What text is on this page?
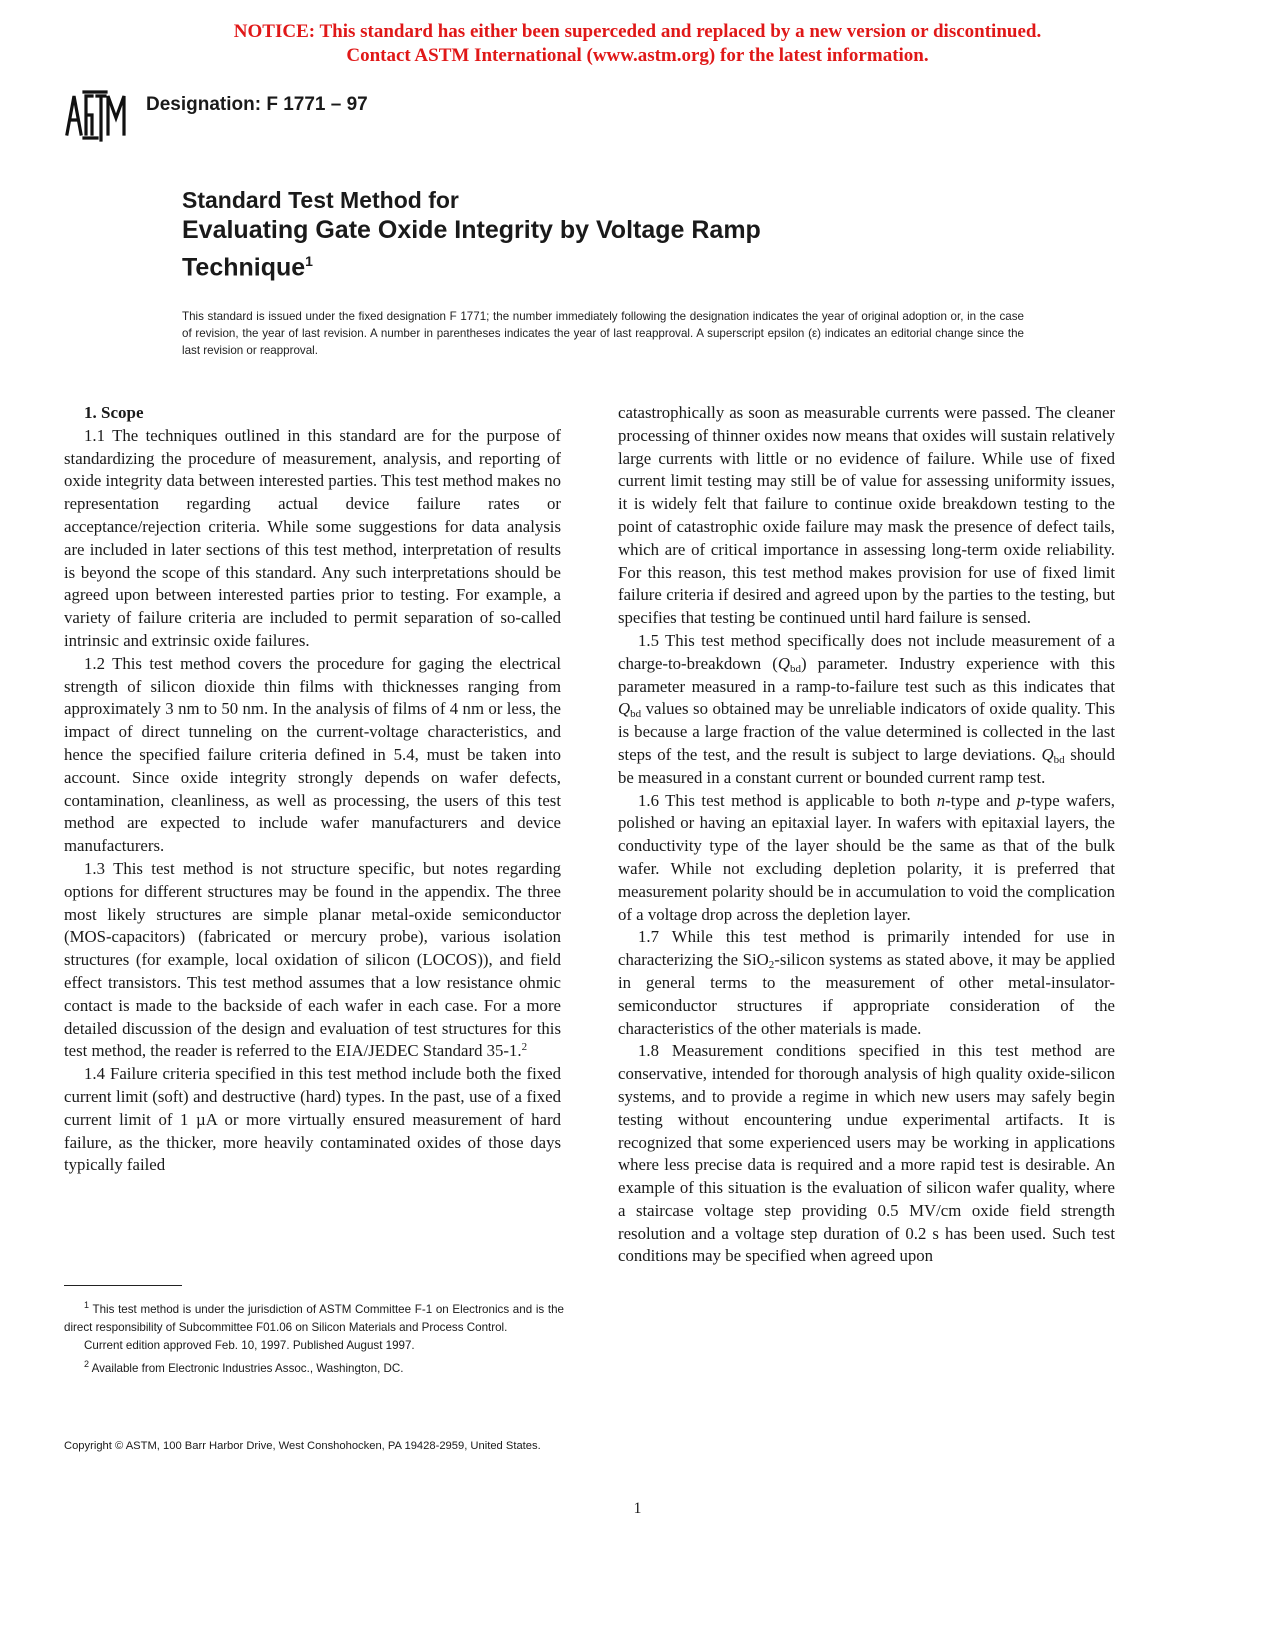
NOTICE: This standard has either been superceded and replaced by a new version or discontinued.
Contact ASTM International (www.astm.org) for the latest information.
ASTM
Designation: F 1771 – 97
Standard Test Method for
Evaluating Gate Oxide Integrity by Voltage Ramp
Technique$^1$
This standard is issued under the fixed designation F 1771; the number immediately following the designation indicates the year of original adoption or, in the case of revision, the year of last revision. A number in parentheses indicates the year of last reapproval. A superscript epsilon (ε) indicates an editorial change since the last revision or reapproval.

1. Scope

1.1 The techniques outlined in this standard are for the purpose of standardizing the procedure of measurement, analysis, and reporting of oxide integrity data between interested parties. This test method makes no representation regarding actual device failure rates or acceptance/rejection criteria. While some suggestions for data analysis are included in later sections of this test method, interpretation of results is beyond the scope of this standard. Any such interpretations should be agreed upon between interested parties prior to testing. For example, a variety of failure criteria are included to permit separation of so-called intrinsic and extrinsic oxide failures.

1.2 This test method covers the procedure for gaging the electrical strength of silicon dioxide thin films with thicknesses ranging from approximately 3 nm to 50 nm. In the analysis of films of 4 nm or less, the impact of direct tunneling on the current-voltage characteristics, and hence the specified failure criteria defined in 5.4, must be taken into account. Since oxide integrity strongly depends on wafer defects, contamination, cleanliness, as well as processing, the users of this test method are expected to include wafer manufacturers and device manufacturers.

1.3 This test method is not structure specific, but notes regarding options for different structures may be found in the appendix. The three most likely structures are simple planar metal-oxide semiconductor (MOS-capacitors) (fabricated or mercury probe), various isolation structures (for example, local oxidation of silicon (LOCOS)), and field effect transistors. This test method assumes that a low resistance ohmic contact is made to the backside of each wafer in each case. For a more detailed discussion of the design and evaluation of test structures for this test method, the reader is referred to the EIA/JEDEC Standard 35-1.$^2$

1.4 Failure criteria specified in this test method include both the fixed current limit (soft) and destructive (hard) types. In the past, use of a fixed current limit of 1 µA or more virtually ensured measurement of hard failure, as the thicker, more heavily contaminated oxides of those days typically failed

catastrophically as soon as measurable currents were passed. The cleaner processing of thinner oxides now means that oxides will sustain relatively large currents with little or no evidence of failure. While use of fixed current limit testing may still be of value for assessing uniformity issues, it is widely felt that failure to continue oxide breakdown testing to the point of catastrophic oxide failure may mask the presence of defect tails, which are of critical importance in assessing long-term oxide reliability. For this reason, this test method makes provision for use of fixed limit failure criteria if desired and agreed upon by the parties to the testing, but specifies that testing be continued until hard failure is sensed.

1.5 This test method specifically does not include measurement of a charge-to-breakdown $(Q_{bd})$ parameter. Industry experience with this parameter measured in a ramp-to-failure test such as this indicates that $Q_{bd}$ values so obtained may be unreliable indicators of oxide quality. This is because a large fraction of the value determined is collected in the last steps of the test, and the result is subject to large deviations. $Q_{bd}$ should be measured in a constant current or bounded current ramp test.

1.6 This test method is applicable to both n-type and p-type wafers, polished or having an epitaxial layer. In wafers with epitaxial layers, the conductivity type of the layer should be the same as that of the bulk wafer. While not excluding depletion polarity, it is preferred that measurement polarity should be in accumulation to void the complication of a voltage drop across the depletion layer.

1.7 While this test method is primarily intended for use in characterizing the SiO$_2$-silicon systems as stated above, it may be applied in general terms to the measurement of other metal-insulator-semiconductor structures if appropriate consideration of the characteristics of the other materials is made.

1.8 Measurement conditions specified in this test method are conservative, intended for thorough analysis of high quality oxide-silicon systems, and to provide a regime in which new users may safely begin testing without encountering undue experimental artifacts. It is recognized that some experienced users may be working in applications where less precise data is required and a more rapid test is desirable. An example of this situation is the evaluation of silicon wafer quality, where a staircase voltage step providing 0.5 MV/cm oxide field strength resolution and a voltage step duration of 0.2 s has been used. Such test conditions may be specified when agreed upon

$^1$ This test method is under the jurisdiction of ASTM Committee F-1 on Electronics and is the direct responsibility of Subcommittee F01.06 on Silicon Materials and Process Control.

Current edition approved Feb. 10, 1997. Published August 1997.

$^2$ Available from Electronic Industries Assoc., Washington, DC.

Copyright © ASTM, 100 Barr Harbor Drive, West Conshohocken, PA 19428-2959, United States.
1
